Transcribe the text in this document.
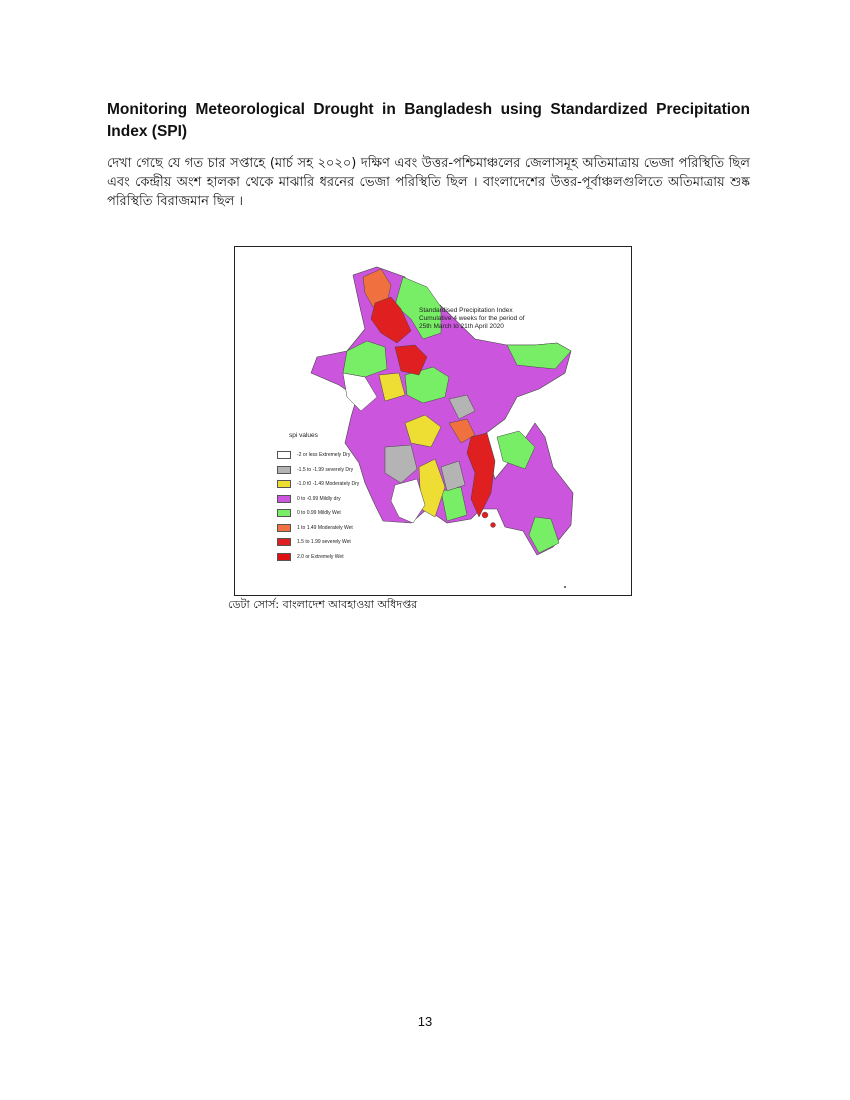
Monitoring Meteorological Drought in Bangladesh using Standardized Precipitation Index (SPI)
দেখা গেছে যে গত চার সপ্তাহে (মার্চ সহ ২০২০) দক্ষিণ এবং উত্তর-পশ্চিমাঞ্চলের জেলাসমূহ অতিমাত্রায় ভেজা পরিস্থিতি ছিল এবং কেন্দ্রীয় অংশ হালকা থেকে মাঝারি ধরনের ভেজা পরিস্থিতি ছিল । বাংলাদেশের উত্তর-পূর্বাঞ্চলগুলিতে অতিমাত্রায় শুষ্ক পরিস্থিতি বিরাজমান ছিল ।
Standardised Precipitation Index
Cumulative 4 weeks for the period of
25th March to 21th April 2020
spi values
-2 or less Extremely Dry
-1.5 to -1.99 severely Dry
-1.0 t0 -1.49 Moderately Dry
0 to -0.99 Mildly dry
0 to 0.99 Mildly Wet
1 to 1.49 Moderately Wet
1.5 to 1.99 severely Wet
2.0 or Extremely Wet
ডেটা সোর্স: বাংলাদেশ আবহাওয়া অধিদপ্তর
13
